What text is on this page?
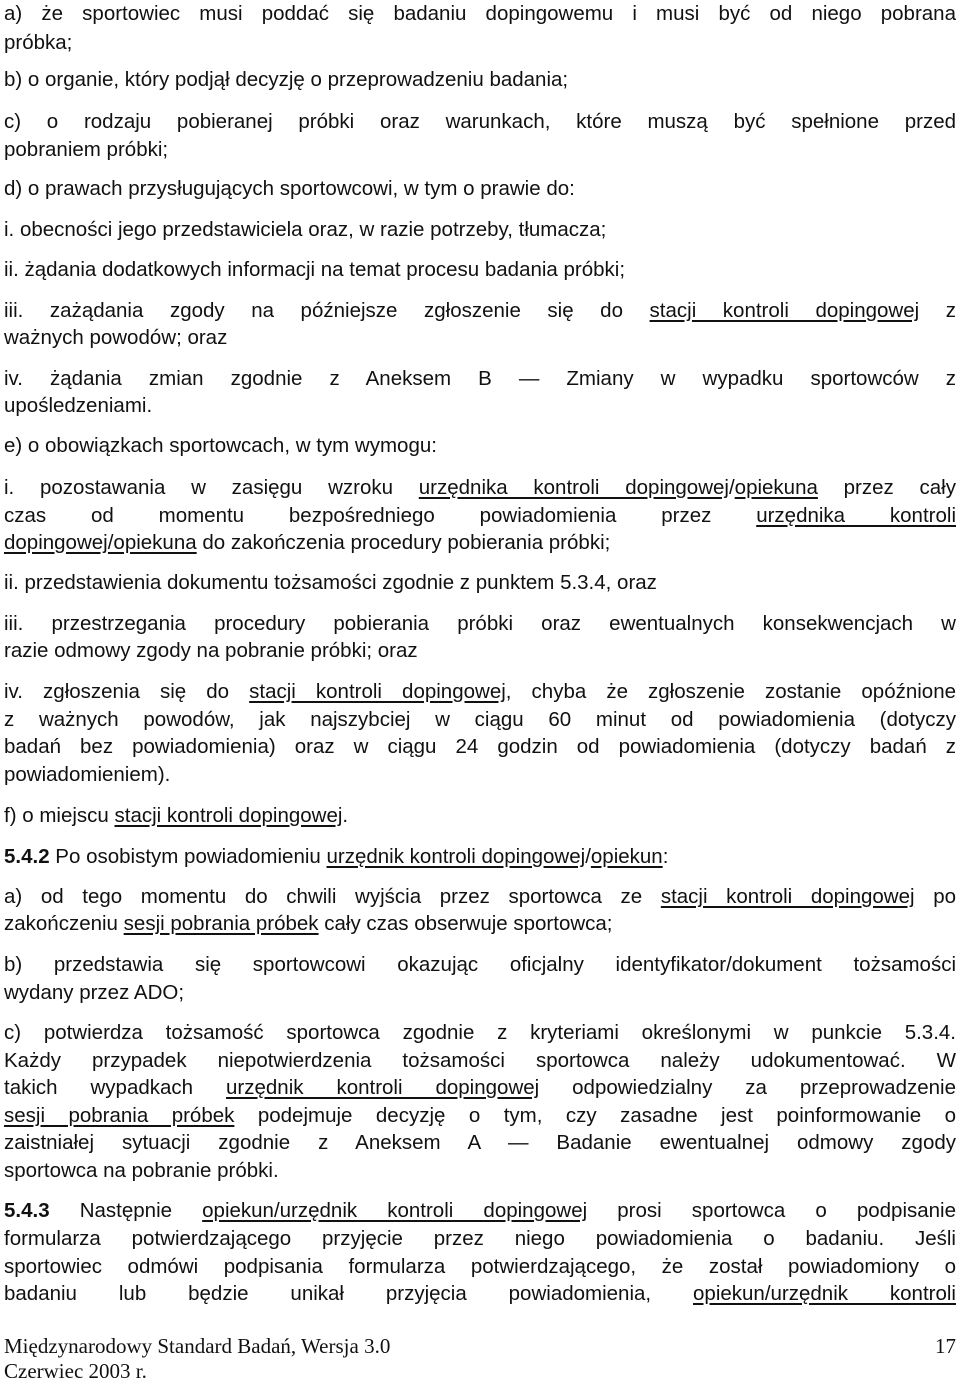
a) że sportowiec musi poddać się badaniu dopingowemu i musi być od niego pobrana

próbka;

b) o organie, który podjął decyzję o przeprowadzeniu badania;

c) o rodzaju pobieranej próbki oraz warunkach, które muszą być spełnione przed

pobraniem próbki;

d) o prawach przysługujących sportowcowi, w tym o prawie do:

i. obecności jego przedstawiciela oraz, w razie potrzeby, tłumacza;

ii. żądania dodatkowych informacji na temat procesu badania próbki;

iii. zażądania zgody na późniejsze zgłoszenie się do stacji kontroli dopingowej z

ważnych powodów; oraz

iv. żądania zmian zgodnie z Aneksem B — Zmiany w wypadku sportowców z

upośledzeniami.

e) o obowiązkach sportowcach, w tym wymogu:

i. pozostawania w zasięgu wzroku urzędnika kontroli dopingowej/opiekuna przez cały

czas od momentu bezpośredniego powiadomienia przez urzędnika kontroli

dopingowej/opiekuna do zakończenia procedury pobierania próbki;

ii. przedstawienia dokumentu tożsamości zgodnie z punktem 5.3.4, oraz

iii. przestrzegania procedury pobierania próbki oraz ewentualnych konsekwencjach w

razie odmowy zgody na pobranie próbki; oraz

iv. zgłoszenia się do stacji kontroli dopingowej, chyba że zgłoszenie zostanie opóźnione

z ważnych powodów, jak najszybciej w ciągu 60 minut od powiadomienia (dotyczy

badań bez powiadomienia) oraz w ciągu 24 godzin od powiadomienia (dotyczy badań z

powiadomieniem).

f) o miejscu stacji kontroli dopingowej.

5.4.2 Po osobistym powiadomieniu urzędnik kontroli dopingowej/opiekun:

a) od tego momentu do chwili wyjścia przez sportowca ze stacji kontroli dopingowej po

zakończeniu sesji pobrania próbek cały czas obserwuje sportowca;

b) przedstawia się sportowcowi okazując oficjalny identyfikator/dokument tożsamości

wydany przez ADO;

c) potwierdza tożsamość sportowca zgodnie z kryteriami określonymi w punkcie 5.3.4.

Każdy przypadek niepotwierdzenia tożsamości sportowca należy udokumentować. W

takich wypadkach urzędnik kontroli dopingowej odpowiedzialny za przeprowadzenie

sesji pobrania próbek podejmuje decyzję o tym, czy zasadne jest poinformowanie o

zaistniałej sytuacji zgodnie z Aneksem A — Badanie ewentualnej odmowy zgody

sportowca na pobranie próbki.

5.4.3 Następnie opiekun/urzędnik kontroli dopingowej prosi sportowca o podpisanie

formularza potwierdzającego przyjęcie przez niego powiadomienia o badaniu. Jeśli

sportowiec odmówi podpisania formularza potwierdzającego, że został powiadomiony o

badaniu lub będzie unikał przyjęcia powiadomienia, opiekun/urzędnik kontroli

Międzynarodowy Standard Badań, Wersja 3.0
Czerwiec 2003 r.
17
